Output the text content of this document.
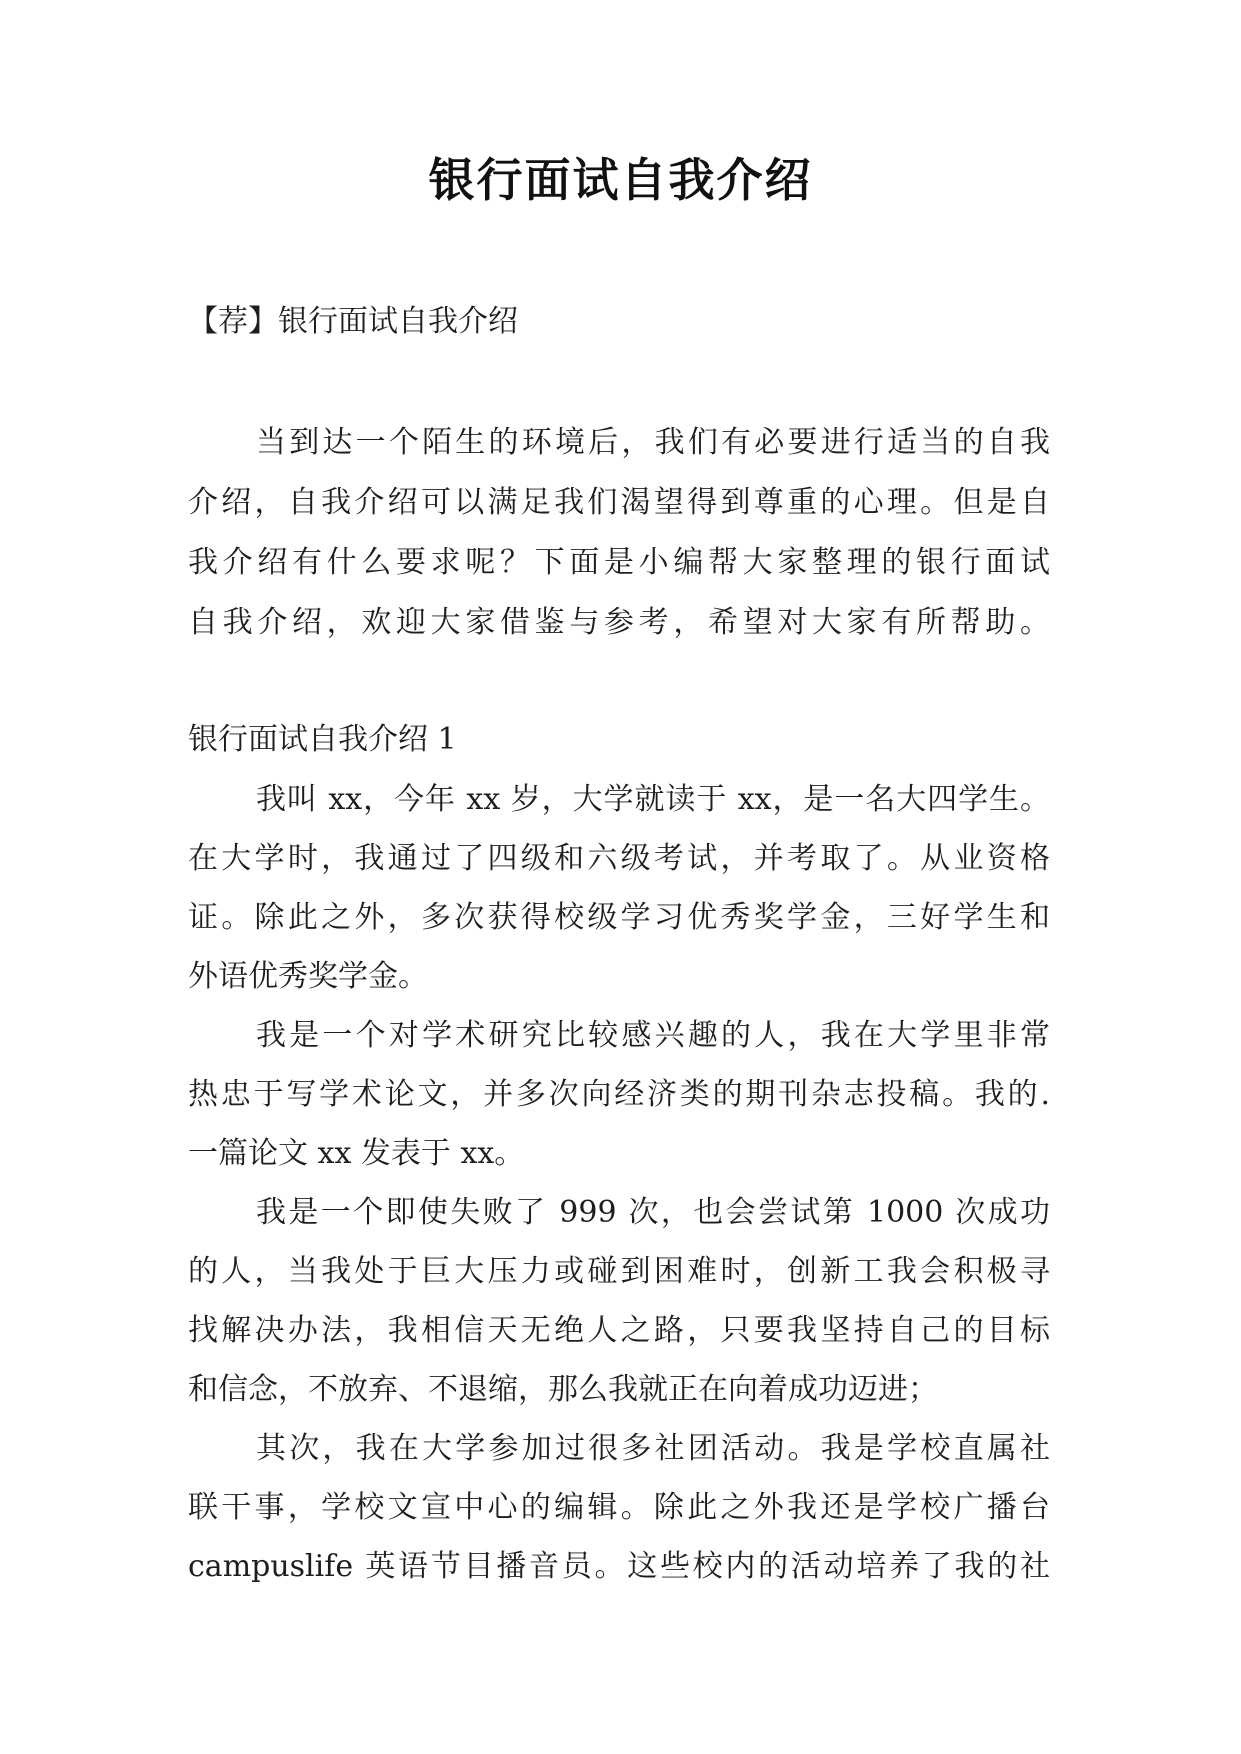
银行面试自我介绍
【荐】银行面试自我介绍
当到达一个陌生的环境后，我们有必要进行适当的自我
介绍，自我介绍可以满足我们渴望得到尊重的心理。但是自
我介绍有什么要求呢？下面是小编帮大家整理的银行面试
自我介绍，欢迎大家借鉴与参考，希望对大家有所帮助。
银行面试自我介绍 1
我叫 xx，今年 xx 岁，大学就读于 xx，是一名大四学生。
在大学时，我通过了四级和六级考试，并考取了。从业资格
证。除此之外，多次获得校级学习优秀奖学金，三好学生和
外语优秀奖学金。
我是一个对学术研究比较感兴趣的人，我在大学里非常
热忠于写学术论文，并多次向经济类的期刊杂志投稿。我的.
一篇论文 xx 发表于 xx。
我是一个即使失败了 999 次，也会尝试第 1000 次成功
的人，当我处于巨大压力或碰到困难时，创新工我会积极寻
找解决办法，我相信天无绝人之路，只要我坚持自己的目标
和信念，不放弃、不退缩，那么我就正在向着成功迈进；
其次，我在大学参加过很多社团活动。我是学校直属社
联干事，学校文宣中心的编辑。除此之外我还是学校广播台
campuslife 英语节目播音员。这些校内的活动培养了我的社
